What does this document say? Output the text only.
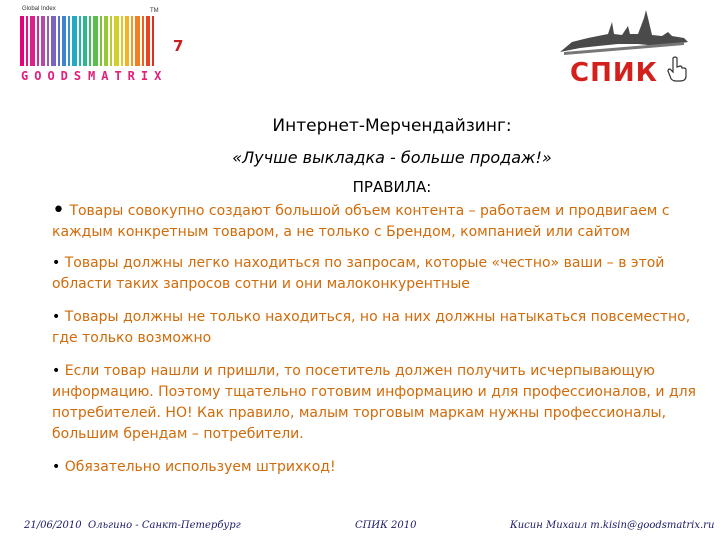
Global Index	TM
GOODS MATRIX
7
СПИК
Интернет-Мерчендайзинг:
«Лучше выкладка - больше продаж!»
ПРАВИЛА:

• Товары совокупно создают большой объем контента – работаем и продвигаем с каждым конкретным товаром, а не только с Брендом, компанией или сайтом

• Товары должны легко находиться по запросам, которые «честно» ваши – в этой области таких запросов сотни и они малоконкурентные

• Товары должны не только находиться, но на них должны натыкаться повсеместно, где только возможно

• Если товар нашли и пришли, то посетитель должен получить исчерпывающую информацию. Поэтому тщательно готовим информацию и для профессионалов, и для потребителей. НО! Как правило, малым торговым маркам нужны профессионалы, большим брендам – потребители.

• Обязательно используем штрихкод!

21/06/2010 Ольгино - Санкт-Петербург	СПИК 2010	Кисин Михаил m.kisin@goodsmatrix.ru
